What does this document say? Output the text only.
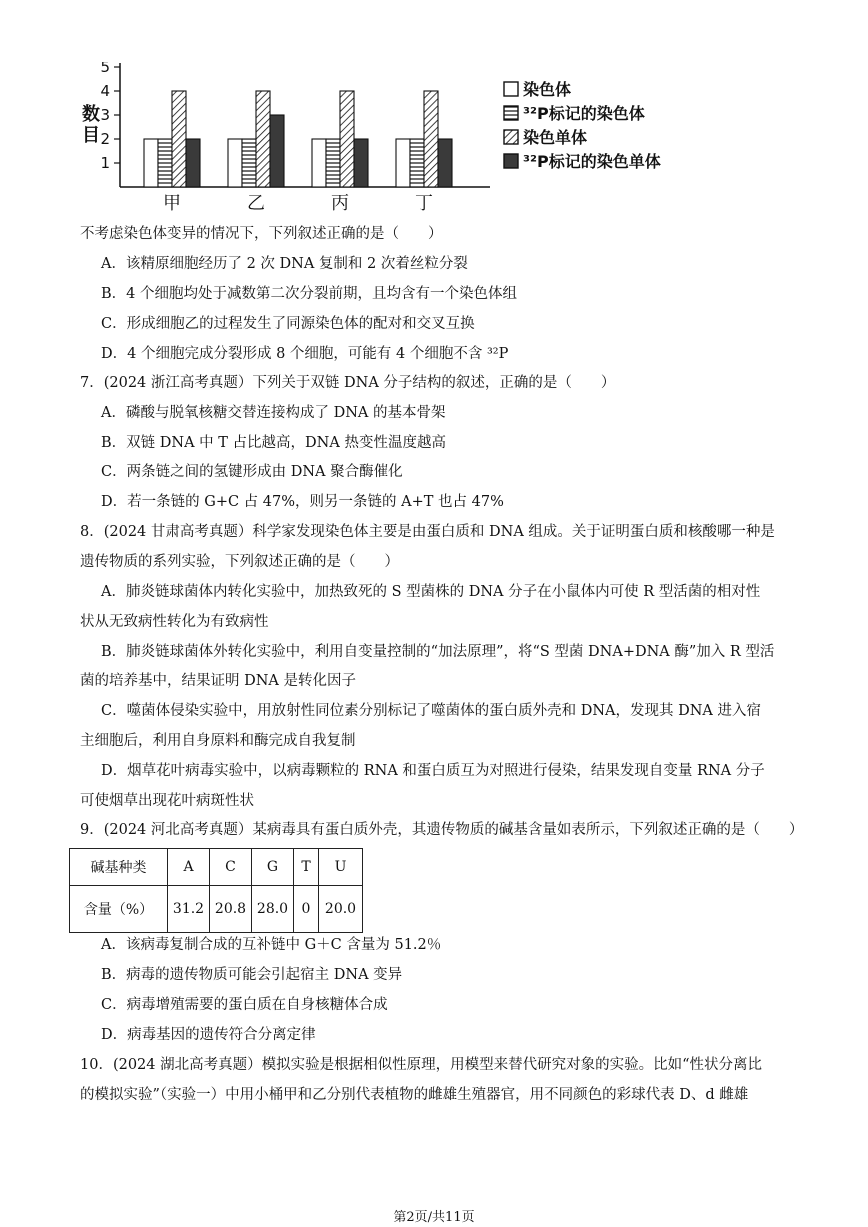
1
2
3
4
5
数
目
甲	乙	丙	丁
染色体
³²P标记的染色体
染色单体
³²P标记的染色单体
不考虑染色体变异的情况下，下列叙述正确的是（　　）
A．该精原细胞经历了 2 次 DNA 复制和 2 次着丝粒分裂
B．4 个细胞均处于减数第二次分裂前期，且均含有一个染色体组
C．形成细胞乙的过程发生了同源染色体的配对和交叉互换
D．4 个细胞完成分裂形成 8 个细胞，可能有 4 个细胞不含 ³²P
7．(2024 浙江高考真题）下列关于双链 DNA 分子结构的叙述，正确的是（　　）
A．磷酸与脱氧核糖交替连接构成了 DNA 的基本骨架
B．双链 DNA 中 T 占比越高，DNA 热变性温度越高
C．两条链之间的氢键形成由 DNA 聚合酶催化
D．若一条链的 G+C 占 47%，则另一条链的 A+T 也占 47%
8．(2024 甘肃高考真题）科学家发现染色体主要是由蛋白质和 DNA 组成。关于证明蛋白质和核酸哪一种是
遗传物质的系列实验，下列叙述正确的是（　　）
A．肺炎链球菌体内转化实验中，加热致死的 S 型菌株的 DNA 分子在小鼠体内可使 R 型活菌的相对性
状从无致病性转化为有致病性
B．肺炎链球菌体外转化实验中，利用自变量控制的“加法原理”，将“S 型菌 DNA+DNA 酶”加入 R 型活
菌的培养基中，结果证明 DNA 是转化因子
C．噬菌体侵染实验中，用放射性同位素分别标记了噬菌体的蛋白质外壳和 DNA，发现其 DNA 进入宿
主细胞后，利用自身原料和酶完成自我复制
D．烟草花叶病毒实验中，以病毒颗粒的 RNA 和蛋白质互为对照进行侵染，结果发现自变量 RNA 分子
可使烟草出现花叶病斑性状
9．(2024 河北高考真题）某病毒具有蛋白质外壳，其遗传物质的碱基含量如表所示，下列叙述正确的是（　　）
碱基种类	A	C	G	T	U
含量（%）	31.2	20.8	28.0	0	20.0
A．该病毒复制合成的互补链中 G＋C 含量为 51.2％
B．病毒的遗传物质可能会引起宿主 DNA 变异
C．病毒增殖需要的蛋白质在自身核糖体合成
D．病毒基因的遗传符合分离定律
10．(2024 湖北高考真题）模拟实验是根据相似性原理，用模型来替代研究对象的实验。比如“性状分离比
的模拟实验”（实验一）中用小桶甲和乙分别代表植物的雌雄生殖器官，用不同颜色的彩球代表 D、d 雌雄
第2页/共11页
